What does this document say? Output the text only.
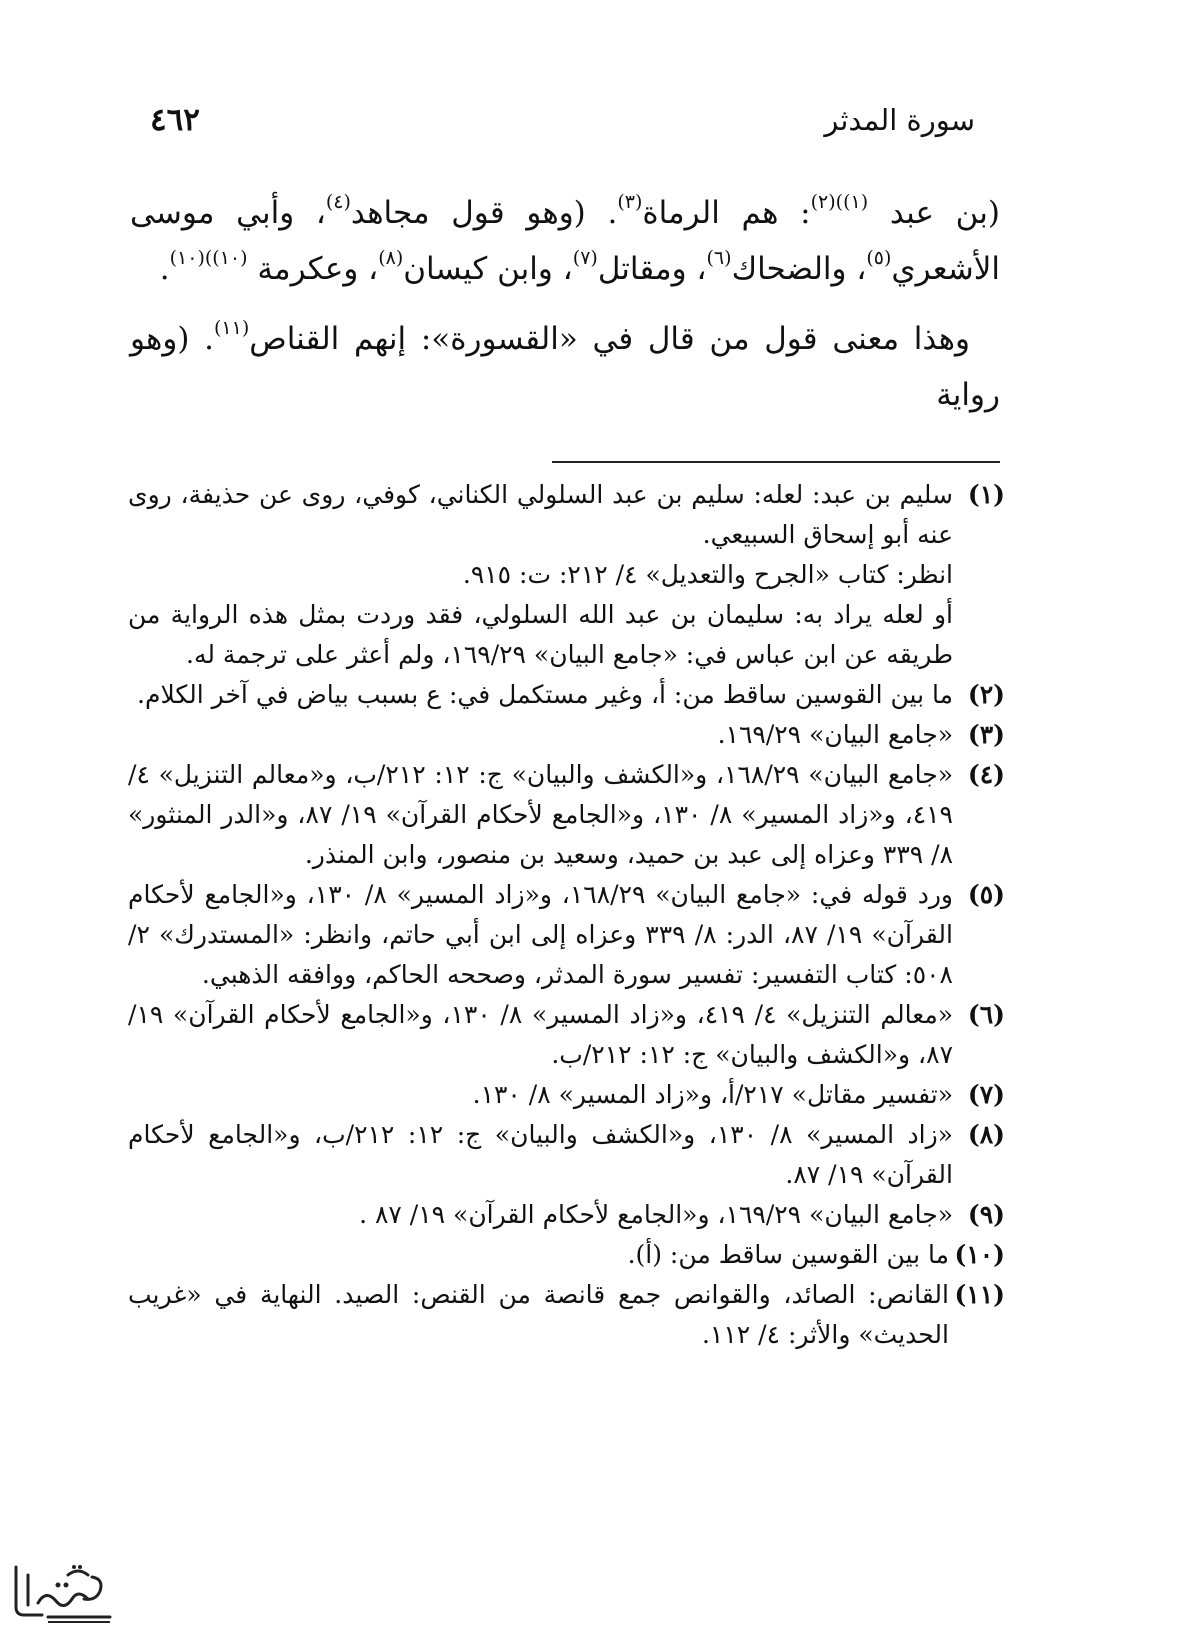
سورة المدثر
٤٦٢

(بن عبد $^{(١))(٢)}$: هم الرماة$^{(٣)}$. (وهو قول مجاهد$^{(٤)}$، وأبي موسى الأشعري$^{(٥)}$، والضحاك$^{(٦)}$، ومقاتل$^{(٧)}$، وابن كيسان$^{(٨)}$، وعكرمة $^{(١٠))(١٠)}$.

وهذا معنى قول من قال في «القسورة»: إنهم القناص$^{(١١)}$. (وهو رواية

(١)

سليم بن عبد: لعله: سليم بن عبد السلولي الكناني، كوفي، روى عن حذيفة، روى عنه أبو إسحاق السبيعي.

انظر: كتاب «الجرح والتعديل» ٤/ ٢١٢: ت: ٩١٥.

أو لعله يراد به: سليمان بن عبد الله السلولي، فقد وردت بمثل هذه الرواية من طريقه عن ابن عباس في: «جامع البيان» ١٦٩/٢٩، ولم أعثر على ترجمة له.

(٢)

ما بين القوسين ساقط من: أ، وغير مستكمل في: ع بسبب بياض في آخر الكلام.

(٣)

«جامع البيان» ١٦٩/٢٩.

(٤)

«جامع البيان» ١٦٨/٢٩، و«الكشف والبيان» ج: ١٢: ٢١٢/ب، و«معالم التنزيل» ٤/ ٤١٩، و«زاد المسير» ٨/ ١٣٠، و«الجامع لأحكام القرآن» ١٩/ ٨٧، و«الدر المنثور» ٨/ ٣٣٩ وعزاه إلى عبد بن حميد، وسعيد بن منصور، وابن المنذر.

(٥)

ورد قوله في: «جامع البيان» ١٦٨/٢٩، و«زاد المسير» ٨/ ١٣٠، و«الجامع لأحكام القرآن» ١٩/ ٨٧، الدر: ٨/ ٣٣٩ وعزاه إلى ابن أبي حاتم، وانظر: «المستدرك» ٢/ ٥٠٨: كتاب التفسير: تفسير سورة المدثر، وصححه الحاكم، ووافقه الذهبي.

(٦)

«معالم التنزيل» ٤/ ٤١٩، و«زاد المسير» ٨/ ١٣٠، و«الجامع لأحكام القرآن» ١٩/ ٨٧، و«الكشف والبيان» ج: ١٢: ٢١٢/ب.

(٧)

«تفسير مقاتل» ٢١٧/أ، و«زاد المسير» ٨/ ١٣٠.

(٨)

«زاد المسير» ٨/ ١٣٠، و«الكشف والبيان» ج: ١٢: ٢١٢/ب، و«الجامع لأحكام القرآن» ١٩/ ٨٧.

(٩)

«جامع البيان» ١٦٩/٢٩، و«الجامع لأحكام القرآن» ١٩/ ٨٧ .

(١٠)

ما بين القوسين ساقط من: (أ).

(١١)

القانص: الصائد، والقوانص جمع قانصة من القنص: الصيد. النهاية في «غريب الحديث» والأثر: ٤/ ١١٢.
